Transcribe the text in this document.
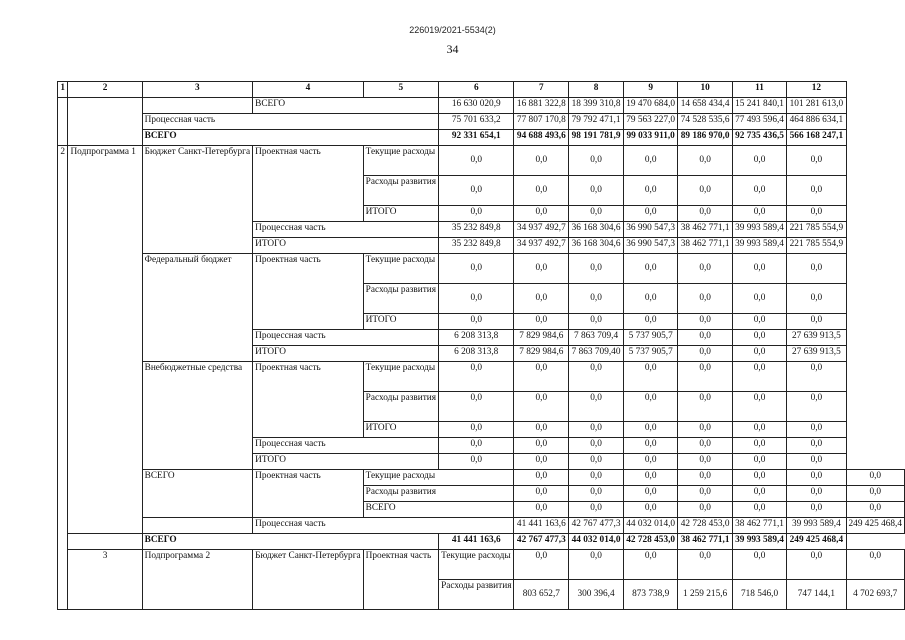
226019/2021-5534(2)
34
1	2	3	4	5	6	7	8	9	10	11	12	
			ВСЕГО		16 630 020,9	16 881 322,8	18 399 310,8	19 470 684,0	14 658 434,4	15 241 840,1	101 281 613,0	
		Процессная часть			75 701 633,2	77 807 170,8	79 792 471,1	79 563 227,0	74 528 535,6	77 493 596,4	464 886 634,1	
		ВСЕГО			92 331 654,1	94 688 493,6	98 191 781,9	99 033 911,0	89 186 970,0	92 735 436,5	566 168 247,1	
2	Подпрограмма 1	Бюджет Санкт-Петербурга	Проектная часть	Текущие расходы	0,0	0,0	0,0	0,0	0,0	0,0	0,0	
				Расходы развития	0,0	0,0	0,0	0,0	0,0	0,0	0,0	
				ИТОГО	0,0	0,0	0,0	0,0	0,0	0,0	0,0	
			Процессная часть		35 232 849,8	34 937 492,7	36 168 304,6	36 990 547,3	38 462 771,1	39 993 589,4	221 785 554,9	
			ИТОГО		35 232 849,8	34 937 492,7	36 168 304,6	36 990 547,3	38 462 771,1	39 993 589,4	221 785 554,9	
		Федеральный бюджет	Проектная часть	Текущие расходы	0,0	0,0	0,0	0,0	0,0	0,0	0,0	
				Расходы развития	0,0	0,0	0,0	0,0	0,0	0,0	0,0	
				ИТОГО	0,0	0,0	0,0	0,0	0,0	0,0	0,0	
			Процессная часть		6 208 313,8	7 829 984,6	7 863 709,4	5 737 905,7	0,0	0,0	27 639 913,5	
			ИТОГО		6 208 313,8	7 829 984,6	7 863 709,40	5 737 905,7	0,0	0,0	27 639 913,5	
		Внебюджетные средства	Проектная часть	Текущие расходы	0,0	0,0	0,0	0,0	0,0	0,0	0,0	
				Расходы развития	0,0	0,0	0,0	0,0	0,0	0,0	0,0	
				ИТОГО	0,0	0,0	0,0	0,0	0,0	0,0	0,0	
			Процессная часть		0,0	0,0	0,0	0,0	0,0	0,0	0,0	
			ИТОГО		0,0	0,0	0,0	0,0	0,0	0,0	0,0	
		ВСЕГО	Проектная часть	Текущие расходы		0,0	0,0	0,0	0,0	0,0	0,0	0,0
				Расходы развития		0,0	0,0	0,0	0,0	0,0	0,0	0,0
				ВСЕГО		0,0	0,0	0,0	0,0	0,0	0,0	0,0
			Процессная часть			41 441 163,6	42 767 477,3	44 032 014,0	42 728 453,0	38 462 771,1	39 993 589,4	249 425 468,4
		ВСЕГО			41 441 163,6	42 767 477,3	44 032 014,0	42 728 453,0	38 462 771,1	39 993 589,4	249 425 468,4	
	3	Подпрограмма 2	Бюджет Санкт-Петербурга	Проектная часть	Текущие расходы	0,0	0,0	0,0	0,0	0,0	0,0	0,0
					Расходы развития	803 652,7	300 396,4	873 738,9	1 259 215,6	718 546,0	747 144,1	4 702 693,7
